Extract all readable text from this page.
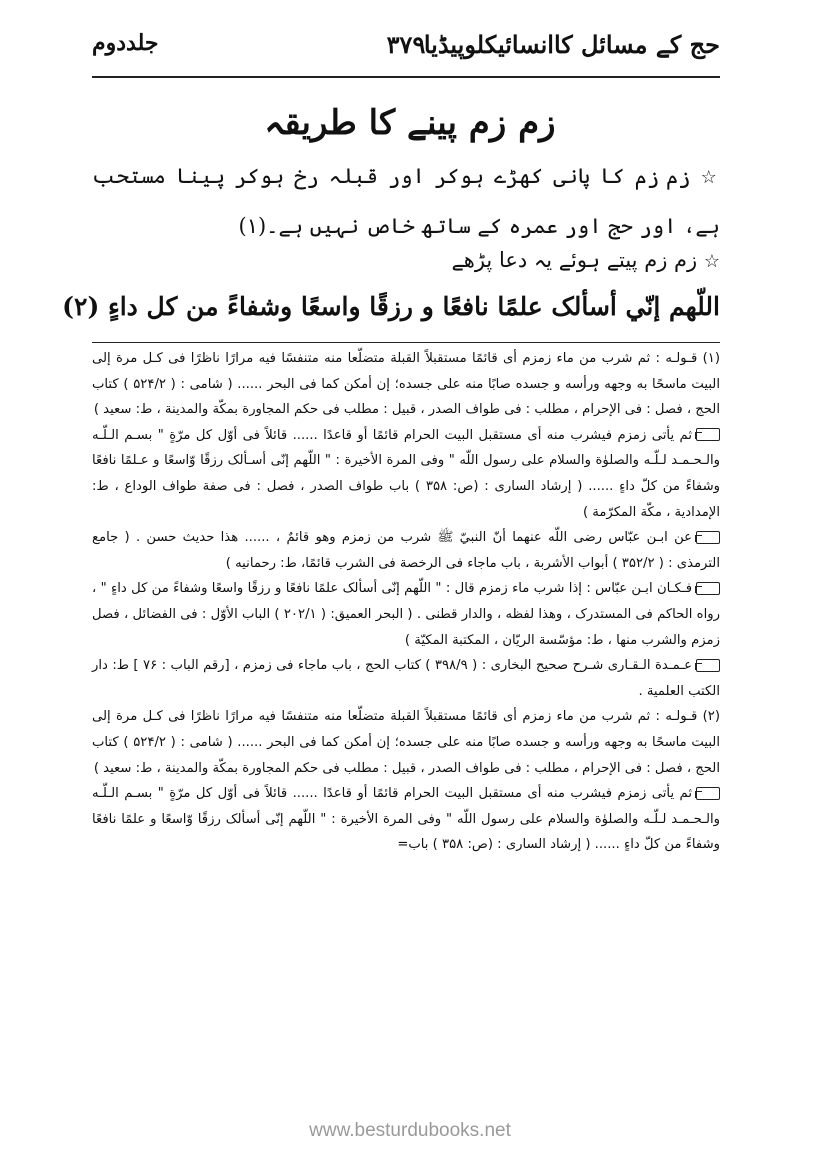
حج کے مسائل کاانسائیکلوپیڈیا
۳۷۹
جلددوم
زم زم پینے کا طریقہ
☆ زم زم کا پانی کھڑے ہوکر اور قبلہ رخ ہوکر پینا مستحب ہے، اور حج اور عمرہ کے ساتھ خاص نہیں ہے۔(۱)
☆ زم زم پیتے ہوئے یہ دعا پڑھے
اللّهم إنّي أسألک علمًا نافعًا و رزقًا واسعًا وشفاءً من كل داءٍ (۲)

(۱) قـولـه : ثم شرب من ماء زمزم أى قائمًا مستقبلاً القبلة متضلّعا منه متنفسًا فيه مرارًا ناظرًا فى كـل مرة إلى البيت ماسحًا به وجهه ورأسه و جسده صابًا منه على جسده؛ إن أمكن كما فى البحر ...... ( شامى : ( ۵۲۴/۲ ) كتاب الحج ، فصل : فى الإحرام ، مطلب : فى طواف الصدر ، قبيل : مطلب فى حكم المجاورة بمكّة والمدينة ، ط: سعيد )

ثم يأتى زمزم فيشرب منه أى مستقبل البيت الحرام قائمًا أو قاعدًا ...... قائلاً فى أوّل كل مرّةٍ " بسـم الـلّـه والـحـمـد لـلّـه والصلوٰة والسلام على رسول اللّه " وفى المرة الأخيرة : " اللّهم إنّى أسـألک رزقًا وّاسعًا و عـلمًا نافعًا وشفاءً من كلّ داءٍ ...... ( إرشاد السارى : (ص: ۳۵۸ ) باب طواف الصدر ، فصل : فى صفة طواف الوداع ، ط: الإمدادية ، مكّة المكرّمة )

عن ابـن عبّاس رضى اللّه عنهما أنّ النبيّ ﷺ شرب من زمزم وهو قائمٌ ، ...... هذا حديث حسن . ( جامع الترمذى : ( ۳۵۲/۲ ) أبواب الأشربة ، باب ماجاء فى الرخصة فى الشرب قائمًا، ط: رحمانيه )

فـكـان ابـن عبّاس : إذا شرب ماء زمزم قال : " اللّهم إنّى أسألک علمًا نافعًا و رزقًا واسعًا وشفاءً من كل داءٍ " ، رواه الحاكم فى المستدرک ، وهذا لفظه ، والدار قطنى . ( البحر العميق: ( ۲۰۲/۱ ) الباب الأوّل : فى الفضائل ، فصل زمزم والشرب منها ، ط: مؤسّسة الريّان ، المكتبة المكيّة )

عـمـدة الـقـارى شـرح صحيح البخارى : ( ۳۹۸/۹ ) كتاب الحج ، باب ماجاء فى زمزم ، [رقم الباب : ۷۶ ] ط: دار الكتب العلمية .

(۲) قـولـه : ثم شرب من ماء زمزم أى قائمًا مستقبلاً القبلة متضلّعا منه متنفسًا فيه مرارًا ناظرًا فى كـل مرة إلى البيت ماسحًا به وجهه ورأسه و جسده صابًا منه على جسده؛ إن أمكن كما فى البحر ...... ( شامى : ( ۵۲۴/۲ ) كتاب الحج ، فصل : فى الإحرام ، مطلب : فى طواف الصدر ، قبيل : مطلب فى حكم المجاورة بمكّة والمدينة ، ط: سعيد )

ثم يأتى زمزم فيشرب منه أى مستقبل البيت الحرام قائمًا أو قاعدًا ...... قائلاً فى أوّل كل مرّةٍ " بسـم الـلّـه والـحـمـد لـلّـه والصلوٰة والسلام على رسول اللّه " وفى المرة الأخيرة : " اللّهم إنّى أسألک رزقًا وّاسعًا و علمًا نافعًا وشفاءً من كلّ داءٍ ...... ( إرشاد السارى : (ص: ۳۵۸ ) باب=

www.besturdubooks.net
